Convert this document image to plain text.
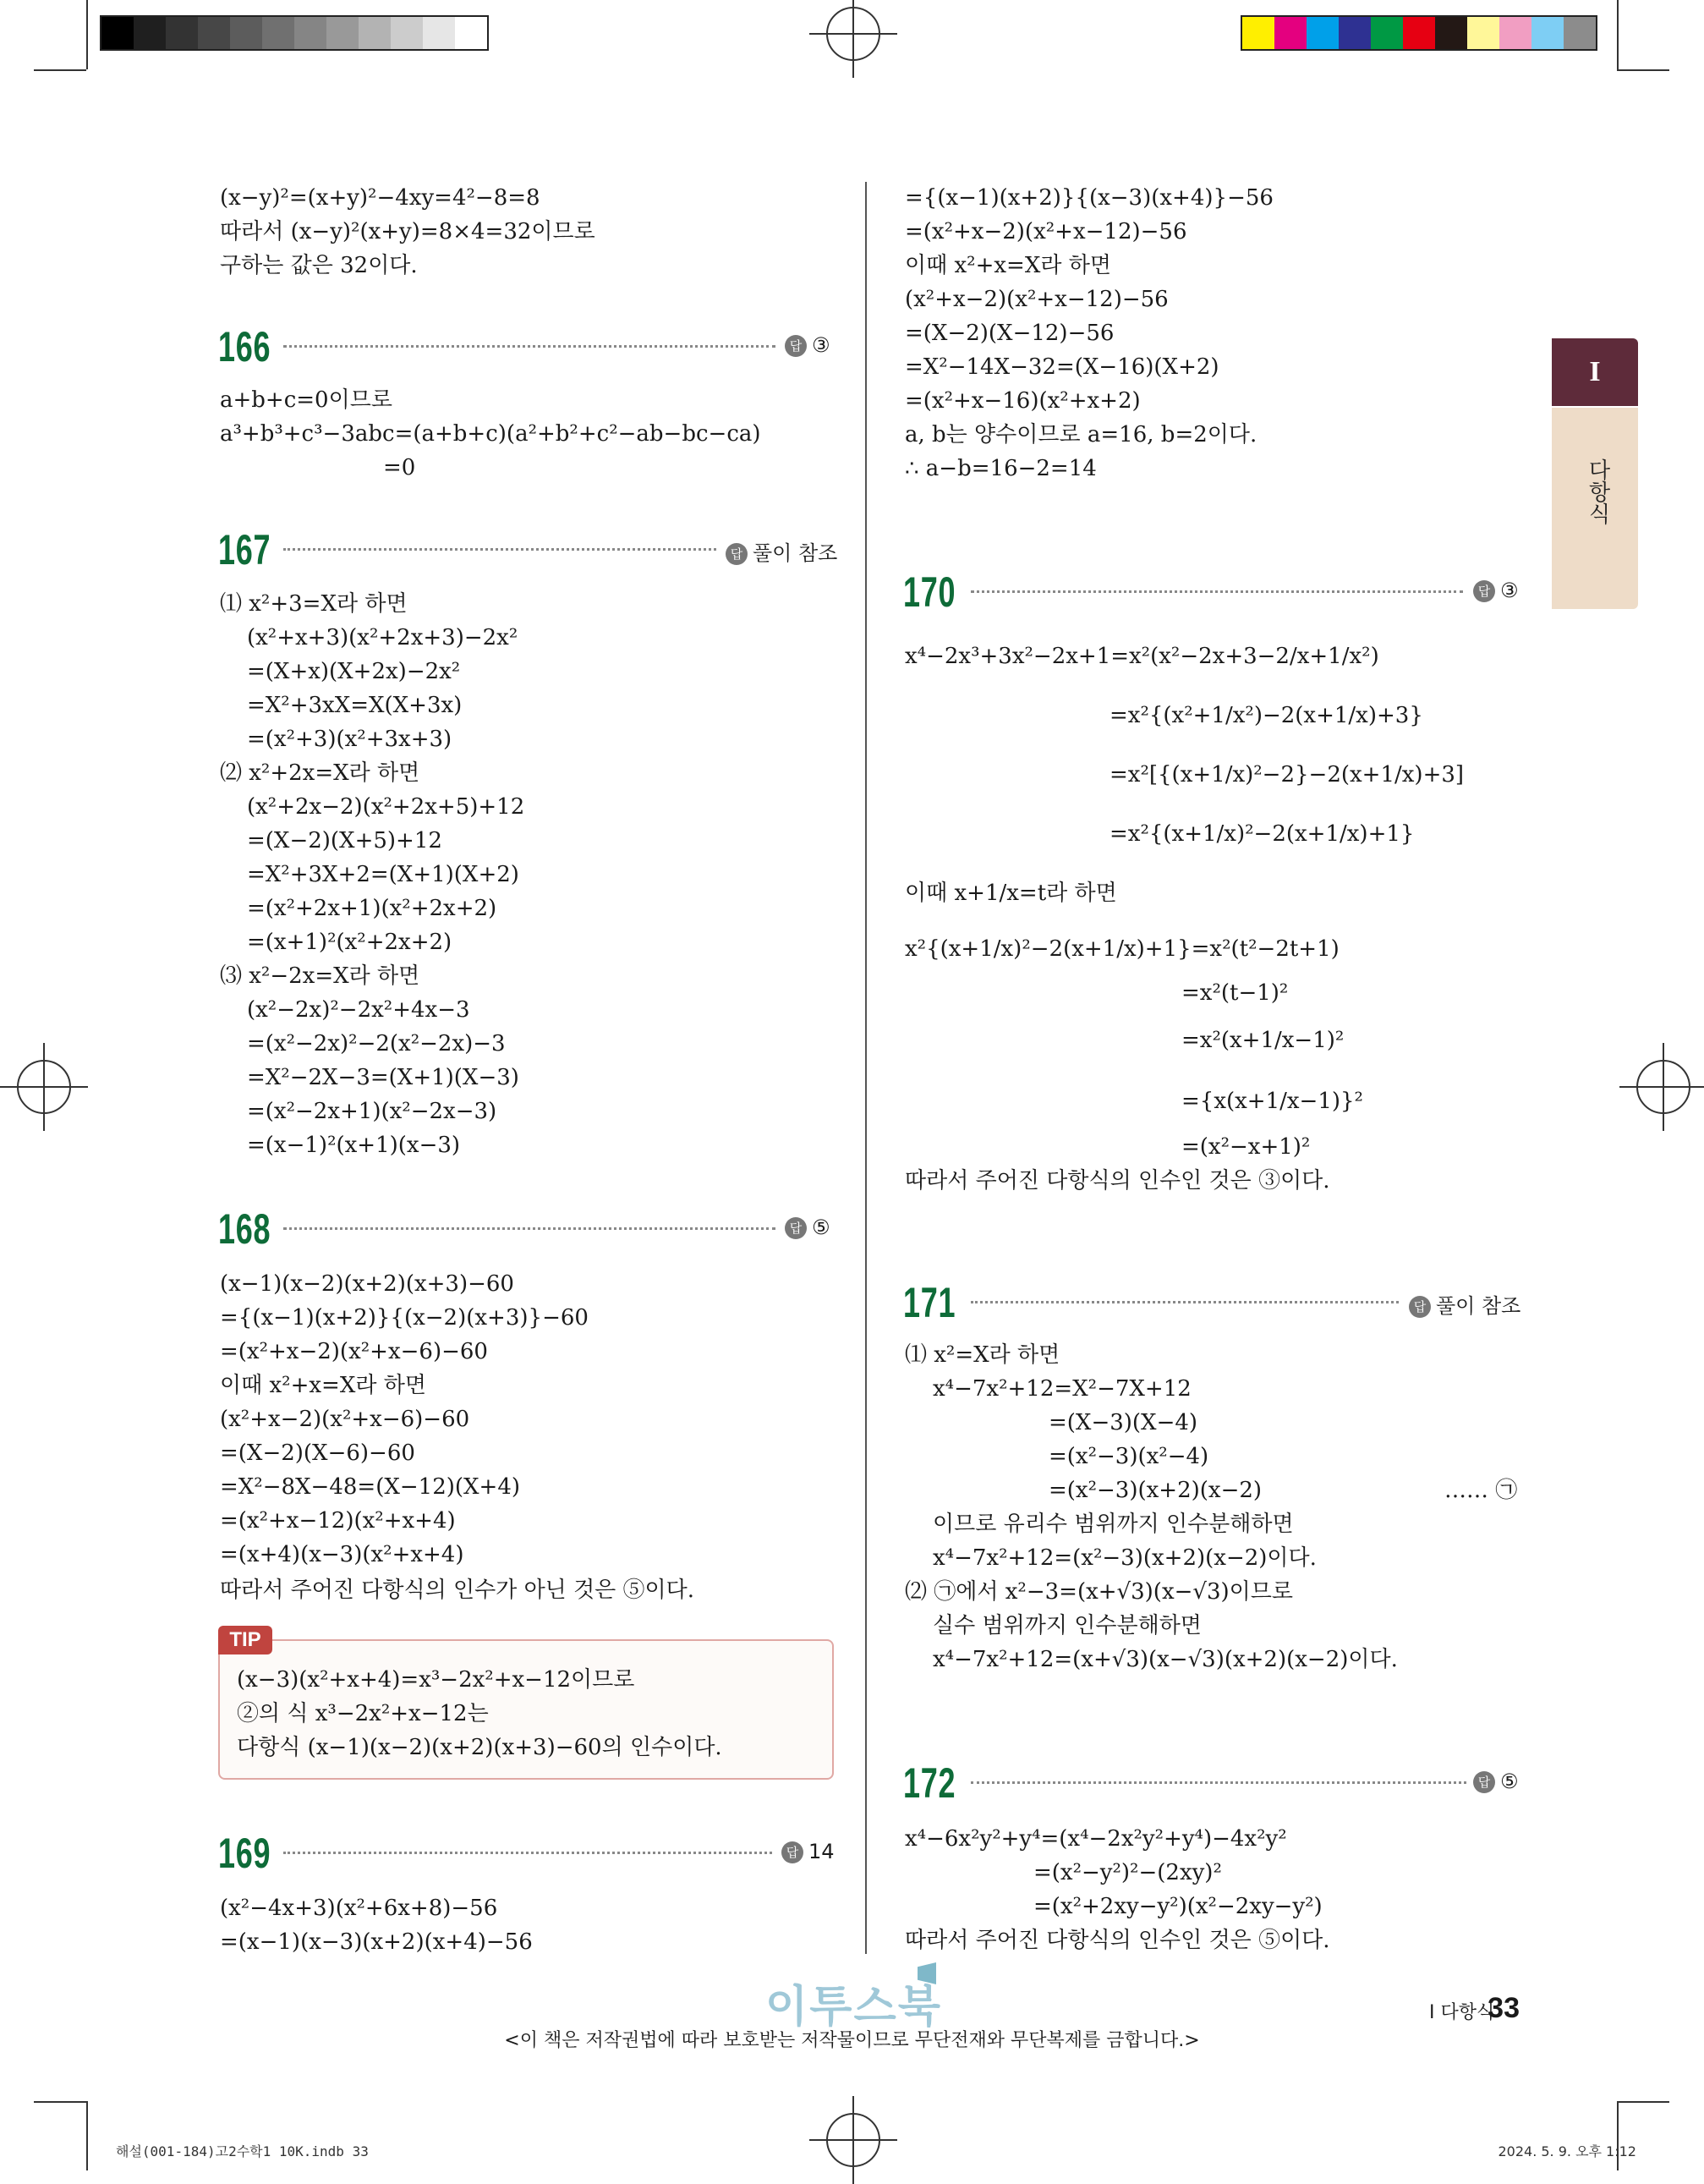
I
다항식
(x−y)²=(x+y)²−4xy=4²−8=8
따라서 (x−y)²(x+y)=8×4=32이므로
구하는 값은 32이다.
166	답 ③
a+b+c=0이므로
a³+b³+c³−3abc=(a+b+c)(a²+b²+c²−ab−bc−ca)
=0
167	답 풀이 참조
⑴ x²+3=X라 하면
(x²+x+3)(x²+2x+3)−2x²
=(X+x)(X+2x)−2x²
=X²+3xX=X(X+3x)
=(x²+3)(x²+3x+3)
⑵ x²+2x=X라 하면
(x²+2x−2)(x²+2x+5)+12
=(X−2)(X+5)+12
=X²+3X+2=(X+1)(X+2)
=(x²+2x+1)(x²+2x+2)
=(x+1)²(x²+2x+2)
⑶ x²−2x=X라 하면
(x²−2x)²−2x²+4x−3
=(x²−2x)²−2(x²−2x)−3
=X²−2X−3=(X+1)(X−3)
=(x²−2x+1)(x²−2x−3)
=(x−1)²(x+1)(x−3)
168	답 ⑤
(x−1)(x−2)(x+2)(x+3)−60
={(x−1)(x+2)}{(x−2)(x+3)}−60
=(x²+x−2)(x²+x−6)−60
이때 x²+x=X라 하면
(x²+x−2)(x²+x−6)−60
=(X−2)(X−6)−60
=X²−8X−48=(X−12)(X+4)
=(x²+x−12)(x²+x+4)
=(x+4)(x−3)(x²+x+4)
따라서 주어진 다항식의 인수가 아닌 것은 ⑤이다.
TIP
(x−3)(x²+x+4)=x³−2x²+x−12이므로
②의 식 x³−2x²+x−12는
다항식 (x−1)(x−2)(x+2)(x+3)−60의 인수이다.
169	답 14
(x²−4x+3)(x²+6x+8)−56
=(x−1)(x−3)(x+2)(x+4)−56
={(x−1)(x+2)}{(x−3)(x+4)}−56
=(x²+x−2)(x²+x−12)−56
이때 x²+x=X라 하면
(x²+x−2)(x²+x−12)−56
=(X−2)(X−12)−56
=X²−14X−32=(X−16)(X+2)
=(x²+x−16)(x²+x+2)
a, b는 양수이므로 a=16, b=2이다.
∴ a−b=16−2=14
170	답 ③
x⁴−2x³+3x²−2x+1=x²(x²−2x+3−2/x+1/x²)
=x²{(x²+1/x²)−2(x+1/x)+3}
=x²[{(x+1/x)²−2}−2(x+1/x)+3]
=x²{(x+1/x)²−2(x+1/x)+1}
이때 x+1/x=t라 하면
x²{(x+1/x)²−2(x+1/x)+1}=x²(t²−2t+1)
=x²(t−1)²
=x²(x+1/x−1)²
={x(x+1/x−1)}²
=(x²−x+1)²
따라서 주어진 다항식의 인수인 것은 ③이다.
171	답 풀이 참조
⑴ x²=X라 하면
x⁴−7x²+12=X²−7X+12
=(X−3)(X−4)
=(x²−3)(x²−4)
=(x²−3)(x+2)(x−2)	…… ㉠
이므로 유리수 범위까지 인수분해하면
x⁴−7x²+12=(x²−3)(x+2)(x−2)이다.
⑵ ㉠에서 x²−3=(x+√3)(x−√3)이므로
실수 범위까지 인수분해하면
x⁴−7x²+12=(x+√3)(x−√3)(x+2)(x−2)이다.
172	답 ⑤
x⁴−6x²y²+y⁴=(x⁴−2x²y²+y⁴)−4x²y²
=(x²−y²)²−(2xy)²
=(x²+2xy−y²)(x²−2xy−y²)
따라서 주어진 다항식의 인수인 것은 ⑤이다.
이투스북	I 다항식
33
<이 책은 저작권법에 따라 보호받는 저작물이므로 무단전재와 무단복제를 금합니다.>
해설(001-184)고2수학1 10K.indb 33	2024. 5. 9. 오후 1:12
